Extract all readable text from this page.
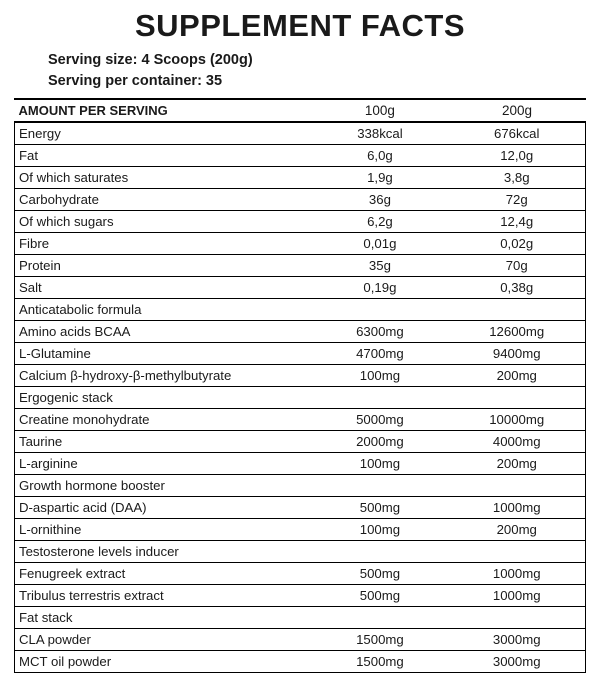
SUPPLEMENT FACTS
Serving size: 4 Scoops (200g)
Serving per container: 35
AMOUNT PER SERVING	100g	200g
Energy	338kcal	676kcal
Fat	6,0g	12,0g
Of which saturates	1,9g	3,8g
Carbohydrate	36g	72g
Of which sugars	6,2g	12,4g
Fibre	0,01g	0,02g
Protein	35g	70g
Salt	0,19g	0,38g
Anticatabolic formula		
Amino acids BCAA	6300mg	12600mg
L-Glutamine	4700mg	9400mg
Calcium β-hydroxy-β-methylbutyrate	100mg	200mg
Ergogenic stack		
Creatine monohydrate	5000mg	10000mg
Taurine	2000mg	4000mg
L-arginine	100mg	200mg
Growth hormone booster		
D-aspartic acid (DAA)	500mg	1000mg
L-ornithine	100mg	200mg
Testosterone levels inducer		
Fenugreek extract	500mg	1000mg
Tribulus terrestris extract	500mg	1000mg
Fat stack		
CLA powder	1500mg	3000mg
MCT oil powder	1500mg	3000mg
